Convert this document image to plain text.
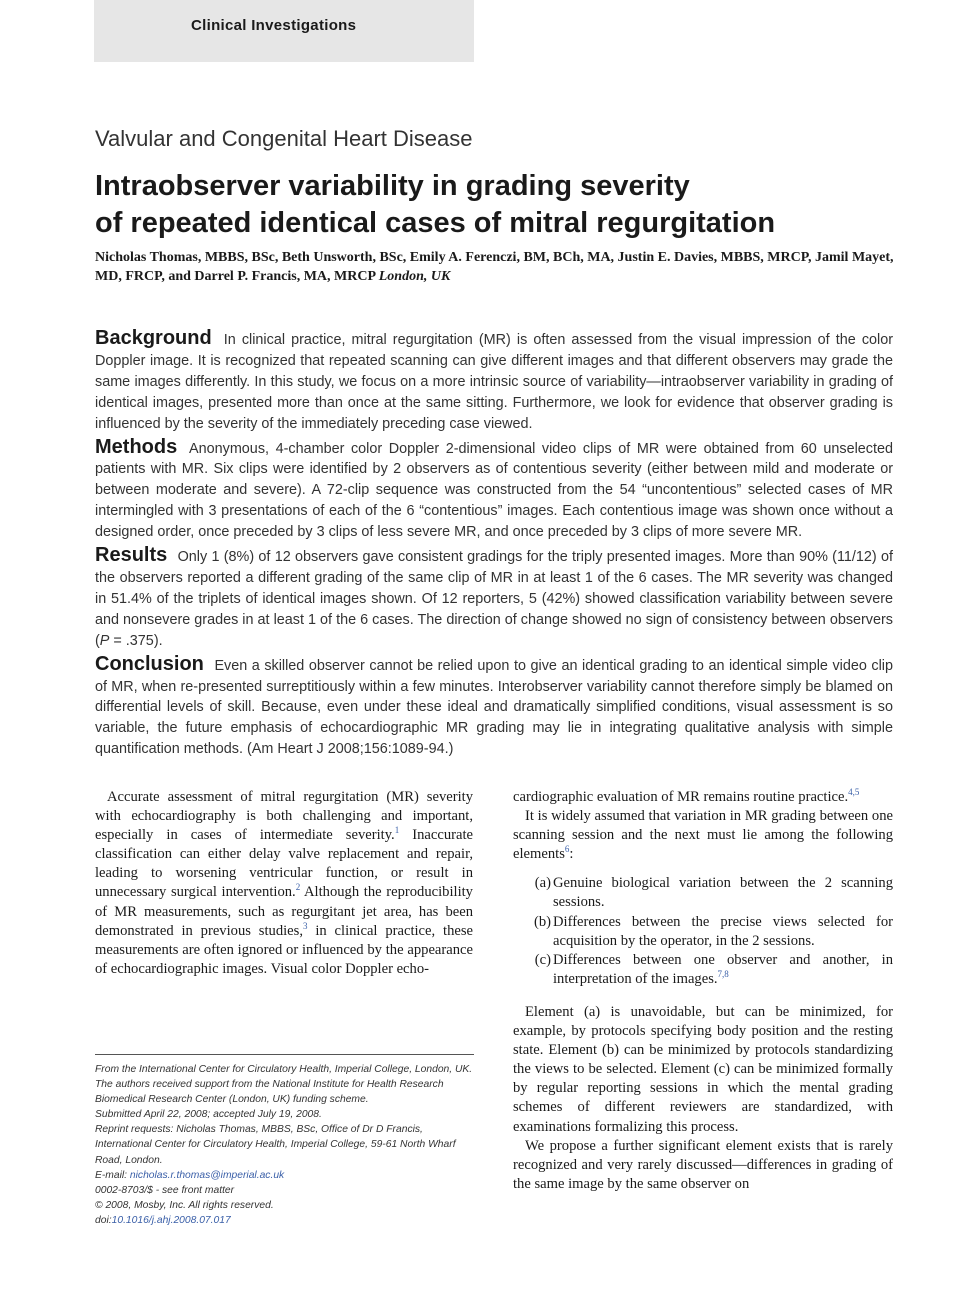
Clinical Investigations
Valvular and Congenital Heart Disease
Intraobserver variability in grading severity
of repeated identical cases of mitral regurgitation
Nicholas Thomas, MBBS, BSc, Beth Unsworth, BSc, Emily A. Ferenczi, BM, BCh, MA, Justin E. Davies, MBBS, MRCP, Jamil Mayet, MD, FRCP, and Darrel P. Francis, MA, MRCP London, UK

Background In clinical practice, mitral regurgitation (MR) is often assessed from the visual impression of the color Doppler image. It is recognized that repeated scanning can give different images and that different observers may grade the same images differently. In this study, we focus on a more intrinsic source of variability—intraobserver variability in grading of identical images, presented more than once at the same sitting. Furthermore, we look for evidence that observer grading is influenced by the severity of the immediately preceding case viewed.

Methods Anonymous, 4-chamber color Doppler 2-dimensional video clips of MR were obtained from 60 unselected patients with MR. Six clips were identified by 2 observers as of contentious severity (either between mild and moderate or between moderate and severe). A 72-clip sequence was constructed from the 54 “uncontentious” selected cases of MR intermingled with 3 presentations of each of the 6 “contentious” images. Each contentious image was shown once without a designed order, once preceded by 3 clips of less severe MR, and once preceded by 3 clips of more severe MR.

Results Only 1 (8%) of 12 observers gave consistent gradings for the triply presented images. More than 90% (11/12) of the observers reported a different grading of the same clip of MR in at least 1 of the 6 cases. The MR severity was changed in 51.4% of the triplets of identical images shown. Of 12 reporters, 5 (42%) showed classification variability between severe and nonsevere grades in at least 1 of the 6 cases. The direction of change showed no sign of consistency between observers (P = .375).

Conclusion Even a skilled observer cannot be relied upon to give an identical grading to an identical simple video clip of MR, when re-presented surreptitiously within a few minutes. Interobserver variability cannot therefore simply be blamed on differential levels of skill. Because, even under these ideal and dramatically simplified conditions, visual assessment is so variable, the future emphasis of echocardiographic MR grading may lie in integrating qualitative analysis with simple quantification methods. (Am Heart J 2008;156:1089-94.)

Accurate assessment of mitral regurgitation (MR) severity with echocardiography is both challenging and important, especially in cases of intermediate severity.$^1$ Inaccurate classification can either delay valve replacement and repair, leading to worsening ventricular function, or result in unnecessary surgical intervention.$^2$ Although the reproducibility of MR measurements, such as regurgitant jet area, has been demonstrated in previous studies,$^3$ in clinical practice, these measurements are often ignored or influenced by the appearance of echocardiographic images. Visual color Doppler echo-

cardiographic evaluation of MR remains routine practice.$^{4,5}$

It is widely assumed that variation in MR grading between one scanning session and the next must lie among the following elements$^6$:

(a) Genuine biological variation between the 2 scanning sessions.
(b) Differences between the precise views selected for acquisition by the operator, in the 2 sessions.
(c) Differences between one observer and another, in interpretation of the images.$^{7,8}$

Element (a) is unavoidable, but can be minimized, for example, by protocols specifying body position and the resting state. Element (b) can be minimized by protocols standardizing the views to be selected. Element (c) can be minimized formally by regular reporting sessions in which the mental grading schemes of different reviewers are standardized, with examinations formalizing this process.

We propose a further significant element exists that is rarely recognized and very rarely discussed—differences in grading of the same image by the same observer on

From the International Center for Circulatory Health, Imperial College, London, UK.
The authors received support from the National Institute for Health Research Biomedical Research Center (London, UK) funding scheme.
Submitted April 22, 2008; accepted July 19, 2008.
Reprint requests: Nicholas Thomas, MBBS, BSc, Office of Dr D Francis, International Center for Circulatory Health, Imperial College, 59-61 North Wharf Road, London.
E-mail: nicholas.r.thomas@imperial.ac.uk
0002-8703/$ - see front matter
© 2008, Mosby, Inc. All rights reserved.
doi:10.1016/j.ahj.2008.07.017
